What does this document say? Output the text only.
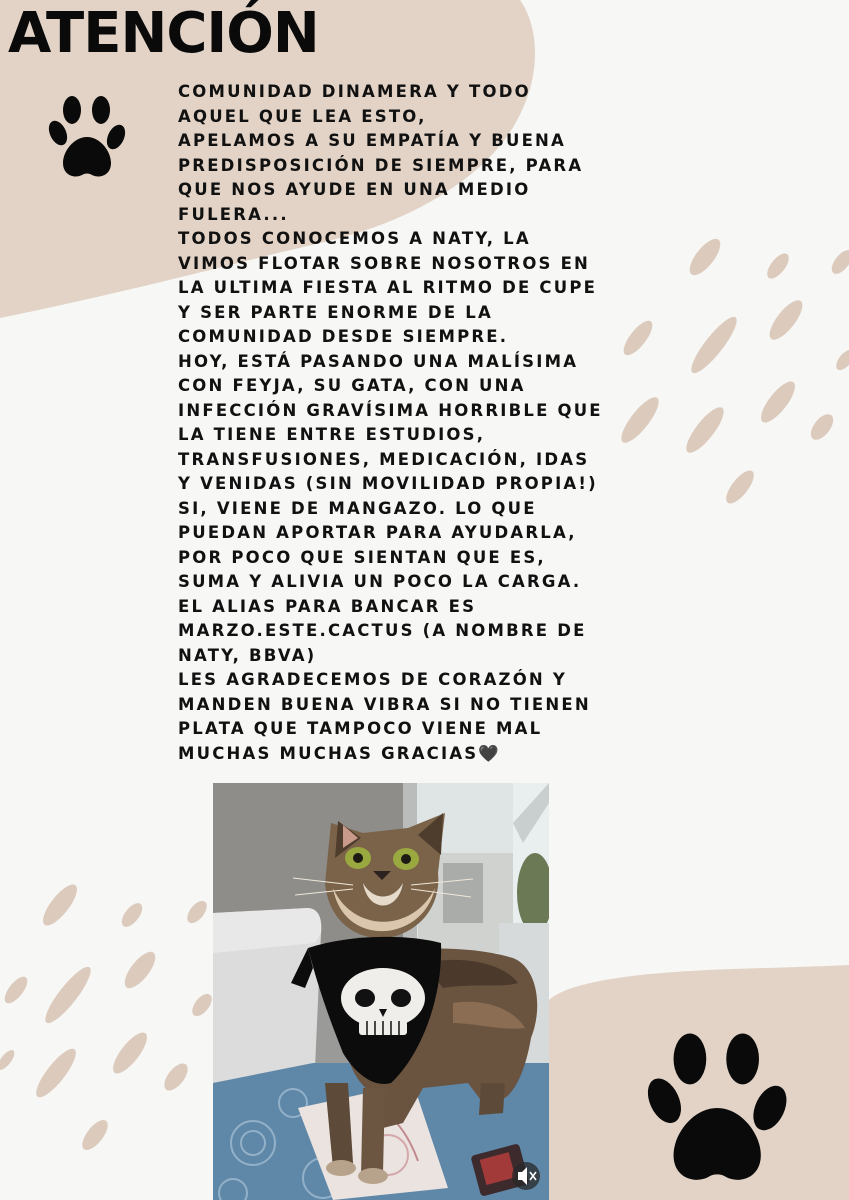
ATENCIÓN
COMUNIDAD DINAMERA Y TODO
AQUEL QUE LEA ESTO,
APELAMOS A SU EMPATÍA Y BUENA
PREDISPOSICIÓN DE SIEMPRE, PARA
QUE NOS AYUDE EN UNA MEDIO
FULERA...
TODOS CONOCEMOS A NATY, LA
VIMOS FLOTAR SOBRE NOSOTROS EN
LA ULTIMA FIESTA AL RITMO DE CUPE
Y SER PARTE ENORME DE LA
COMUNIDAD DESDE SIEMPRE.
HOY, ESTÁ PASANDO UNA MALÍSIMA
CON FEYJA, SU GATA, CON UNA
INFECCIÓN GRAVÍSIMA HORRIBLE QUE
LA TIENE ENTRE ESTUDIOS,
TRANSFUSIONES, MEDICACIÓN, IDAS
Y VENIDAS (SIN MOVILIDAD PROPIA!)
SI, VIENE DE MANGAZO. LO QUE
PUEDAN APORTAR PARA AYUDARLA,
POR POCO QUE SIENTAN QUE ES,
SUMA Y ALIVIA UN POCO LA CARGA.
EL ALIAS PARA BANCAR ES
MARZO.ESTE.CACTUS (A NOMBRE DE
NATY, BBVA)
LES AGRADECEMOS DE CORAZÓN Y
MANDEN BUENA VIBRA SI NO TIENEN
PLATA QUE TAMPOCO VIENE MAL
MUCHAS MUCHAS GRACIAS🖤
